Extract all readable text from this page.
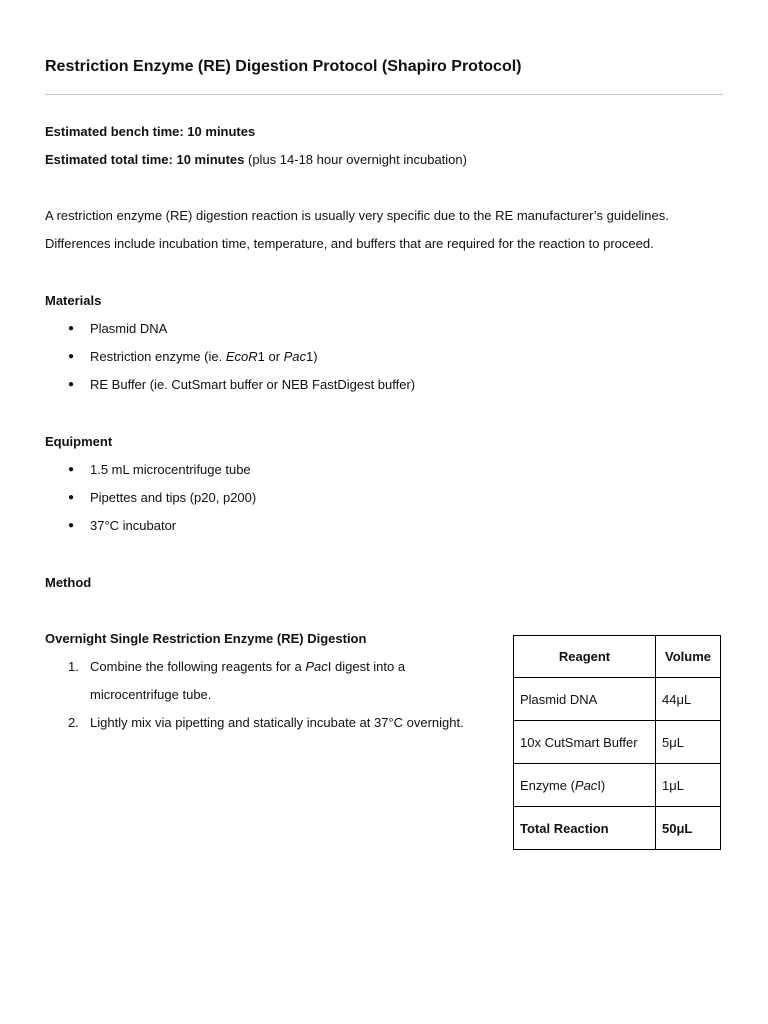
Restriction Enzyme (RE) Digestion Protocol (Shapiro Protocol)
Estimated bench time: 10 minutes
Estimated total time: 10 minutes (plus 14-18 hour overnight incubation)
A restriction enzyme (RE) digestion reaction is usually very specific due to the RE manufacturer’s guidelines.
Differences include incubation time, temperature, and buffers that are required for the reaction to proceed.
Materials
● Plasmid DNA
● Restriction enzyme (ie. EcoR1 or Pac1)
● RE Buffer (ie. CutSmart buffer or NEB FastDigest buffer)
Equipment
● 1.5 mL microcentrifuge tube
● Pipettes and tips (p20, p200)
● 37°C incubator
Method
Overnight Single Restriction Enzyme (RE) Digestion
1. Combine the following reagents for a PacI digest into a
microcentrifuge tube.
2. Lightly mix via pipetting and statically incubate at 37°C overnight.
Reagent	Volume
Plasmid DNA	44μL
10x CutSmart Buffer	5μL
Enzyme (PacI)	1μL
Total Reaction	50μL
